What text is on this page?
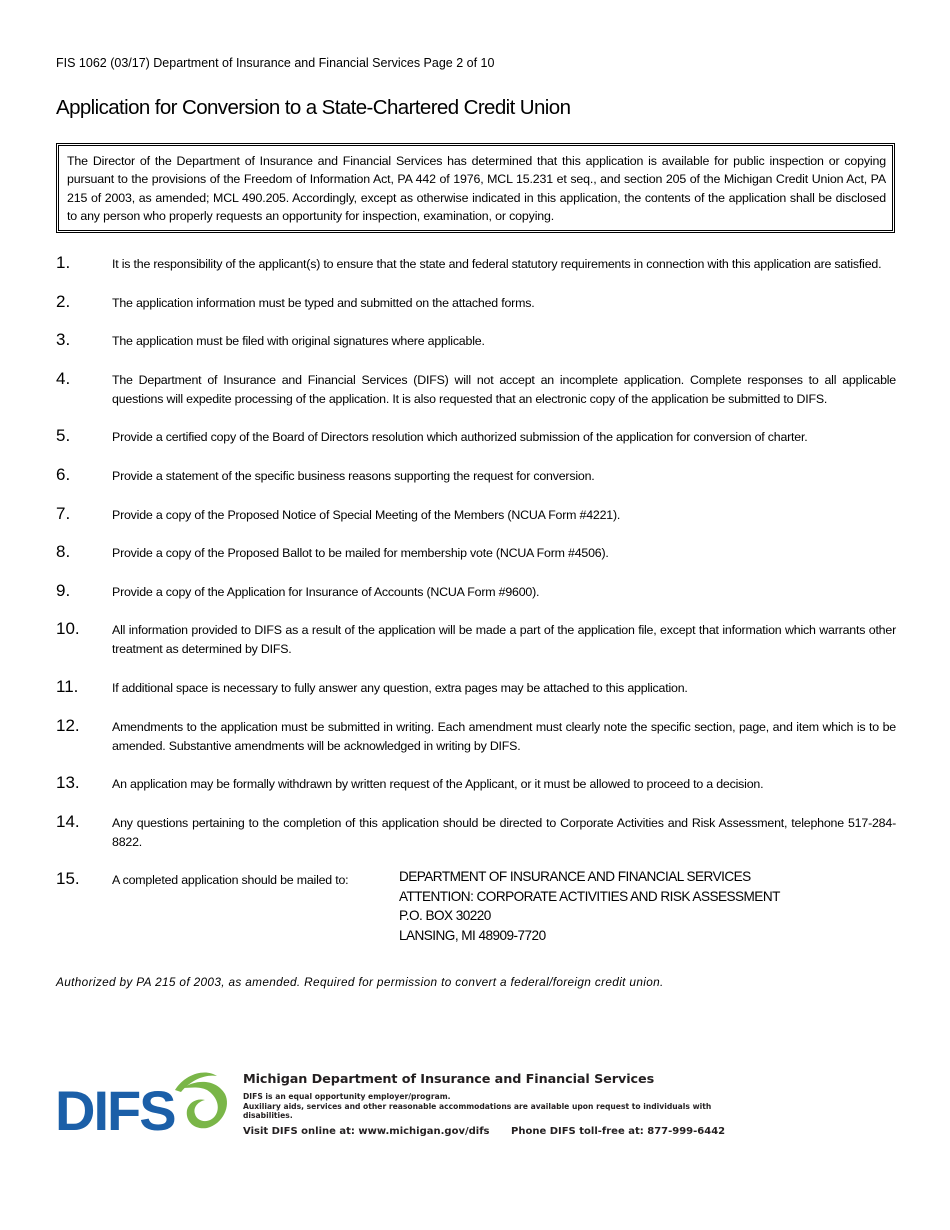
FIS 1062 (03/17) Department of Insurance and Financial Services Page 2 of 10
Application for Conversion to a State-Chartered Credit Union
The Director of the Department of Insurance and Financial Services has determined that this application is available for public inspection or copying pursuant to the provisions of the Freedom of Information Act, PA 442 of 1976, MCL 15.231 et seq., and section 205 of the Michigan Credit Union Act, PA 215 of 2003, as amended; MCL 490.205. Accordingly, except as otherwise indicated in this application, the contents of the application shall be disclosed to any person who properly requests an opportunity for inspection, examination, or copying.
1.	It is the responsibility of the applicant(s) to ensure that the state and federal statutory requirements in connection with this application are satisfied.
2.	The application information must be typed and submitted on the attached forms.
3.	The application must be filed with original signatures where applicable.
4.	The Department of Insurance and Financial Services (DIFS) will not accept an incomplete application. Complete responses to all applicable questions will expedite processing of the application. It is also requested that an electronic copy of the application be submitted to DIFS.
5.	Provide a certified copy of the Board of Directors resolution which authorized submission of the application for conversion of charter.
6.	Provide a statement of the specific business reasons supporting the request for conversion.
7.	Provide a copy of the Proposed Notice of Special Meeting of the Members (NCUA Form #4221).
8.	Provide a copy of the Proposed Ballot to be mailed for membership vote (NCUA Form #4506).
9.	Provide a copy of the Application for Insurance of Accounts (NCUA Form #9600).
10.	All information provided to DIFS as a result of the application will be made a part of the application file, except that information which warrants other treatment as determined by DIFS.
11.	If additional space is necessary to fully answer any question, extra pages may be attached to this application.
12.	Amendments to the application must be submitted in writing. Each amendment must clearly note the specific section, page, and item which is to be amended. Substantive amendments will be acknowledged in writing by DIFS.
13.	An application may be formally withdrawn by written request of the Applicant, or it must be allowed to proceed to a decision.
14.	Any questions pertaining to the completion of this application should be directed to Corporate Activities and Risk Assessment, telephone 517-284-8822.
15.	A completed application should be mailed to:	DEPARTMENT OF INSURANCE AND FINANCIAL SERVICES
ATTENTION: CORPORATE ACTIVITIES AND RISK ASSESSMENT
P.O. BOX 30220
LANSING, MI 48909-7720
Authorized by PA 215 of 2003, as amended. Required for permission to convert a federal/foreign credit union.
DIFS	Michigan Department of Insurance and Financial Services
DIFS is an equal opportunity employer/program.
Auxiliary aids, services and other reasonable accommodations are available upon request to individuals with disabilities.
Visit DIFS online at: www.michigan.gov/difs Phone DIFS toll-free at: 877-999-6442
